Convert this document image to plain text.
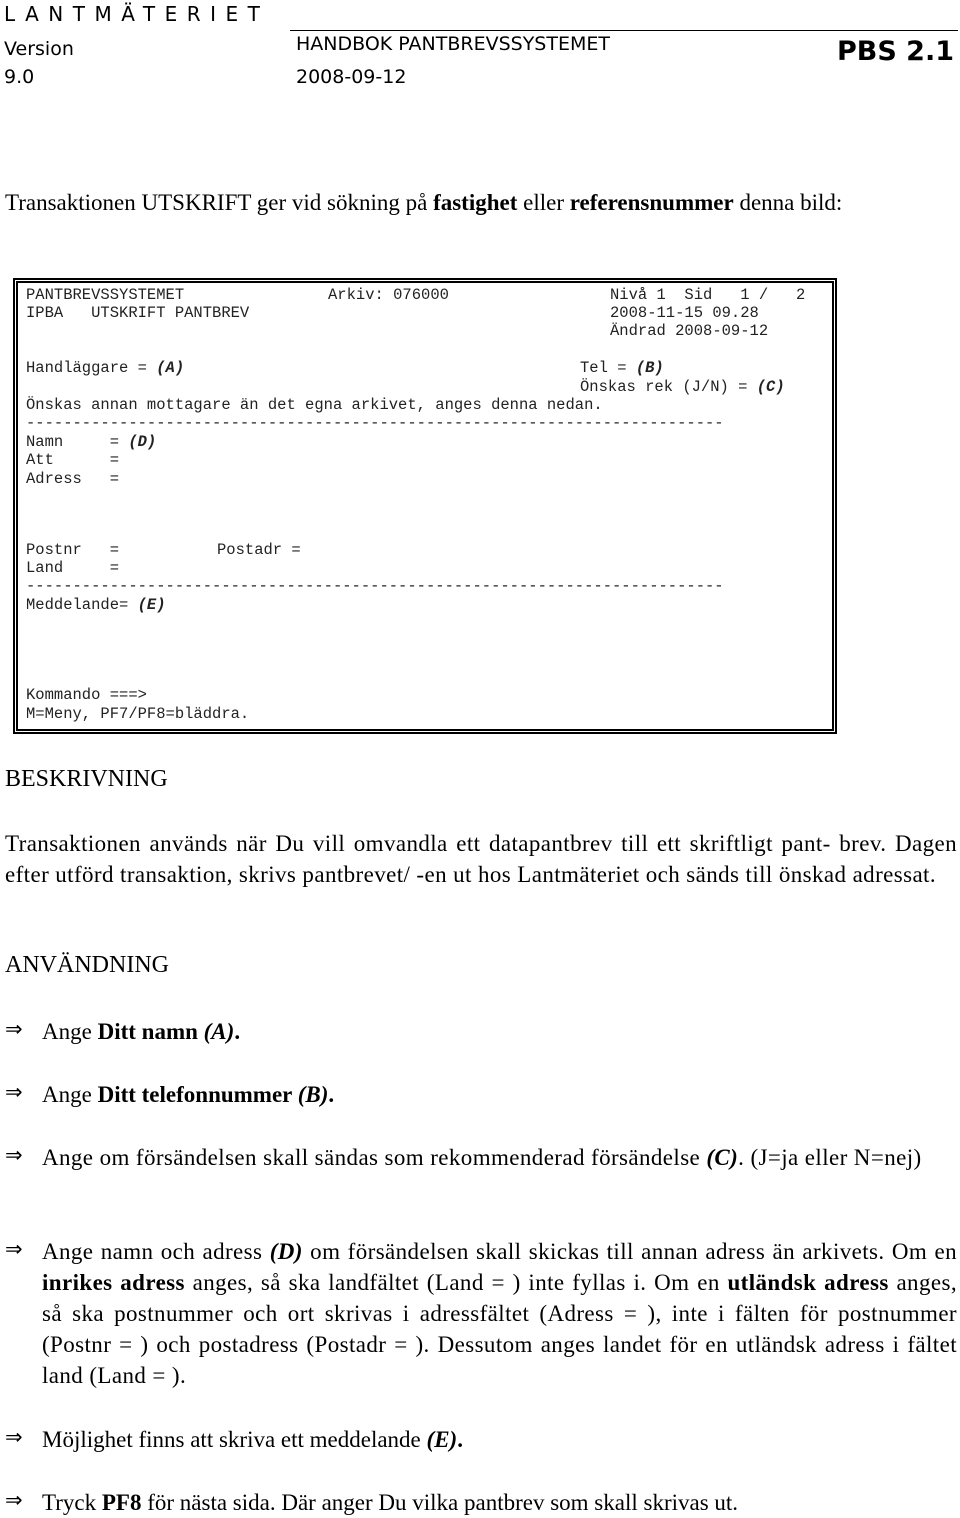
LANTMÄTERIET
Version
9.0
HANDBOK PANTBREVSSYSTEMET
2008-09-12
PBS 2.1
Transaktionen UTSKRIFT ger vid sökning på fastighet eller referensnummer denna bild:
PANTBREVSSYSTEMET	Arkiv: 076000	Nivå 1  Sid   1 /   2
IPBA   UTSKRIFT PANTBREV	2008-11-15 09.28
Ändrad 2008-09-12
Handläggare = (A)	Tel = (B)
Önskas rek (J/N) = (C)
Önskas annan mottagare än det egna arkivet, anges denna nedan.
---------------------------------------------------------------------------
Namn     = (D)
Att      =
Adress   =
Postnr   =	Postadr =
Land     =
---------------------------------------------------------------------------
Meddelande= (E)
Kommando ===>
M=Meny, PF7/PF8=bläddra.
BESKRIVNING
Transaktionen används när Du vill omvandla ett datapantbrev till ett skriftligt pant- brev. Dagen efter utförd transaktion, skrivs pantbrevet/ -en ut hos Lantmäteriet och sänds till önskad adressat.
ANVÄNDNING
⇒ Ange Ditt namn (A).
⇒ Ange Ditt telefonnummer (B).
⇒ Ange om försändelsen skall sändas som rekommenderad försändelse (C). (J=ja eller N=nej)
⇒ Ange namn och adress (D) om försändelsen skall skickas till annan adress än arkivets. Om en inrikes adress anges, så ska landfältet (Land = ) inte fyllas i. Om en utländsk adress anges, så ska postnummer och ort skrivas i adressfältet (Adress = ), inte i fälten för postnummer (Postnr = ) och postadress (Postadr = ). Dessutom anges landet för en utländsk adress i fältet land (Land = ).
⇒ Möjlighet finns att skriva ett meddelande (E).
⇒ Tryck PF8 för nästa sida. Där anger Du vilka pantbrev som skall skrivas ut.
